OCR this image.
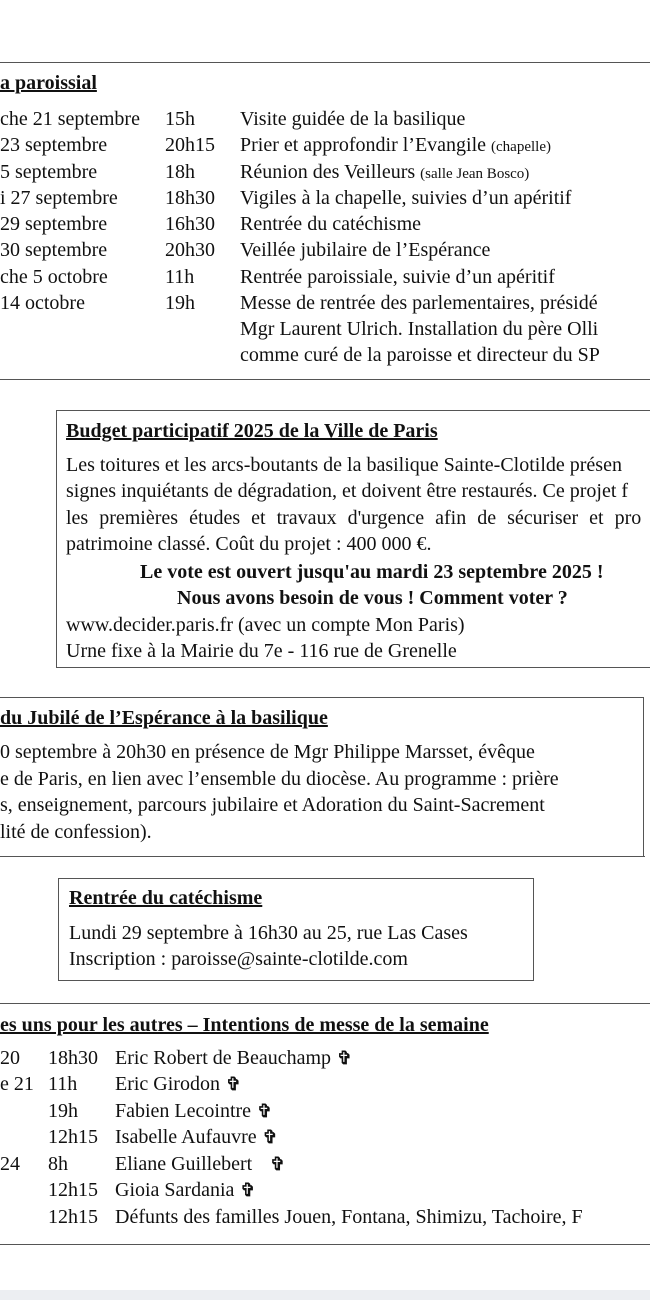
a paroissial
che 21 septembre 15h Visite guidée de la basilique
23 septembre	20h15 Prier et approfondir l’Evangile (chapelle)
5 septembre	18h Réunion des Veilleurs (salle Jean Bosco)
i 27 septembre 18h30 Vigiles à la chapelle, suivies d’un apéritif
29 septembre	16h30 Rentrée du catéchisme
30 septembre	20h30 Veillée jubilaire de l’Espérance
che 5 octobre	11h Rentrée paroissiale, suivie d’un apéritif
14 octobre	19h Messe de rentrée des parlementaires, présidé
Mgr Laurent Ulrich. Installation du père Olli
comme curé de la paroisse et directeur du SP
Budget participatif 2025 de la Ville de Paris
Les toitures et les arcs-boutants de la basilique Sainte-Clotilde présen
signes inquiétants de dégradation, et doivent être restaurés. Ce projet f
les premières études et travaux d'urgence afin de sécuriser et pro
patrimoine classé. Coût du projet : 400 000 €.
Le vote est ouvert jusqu'au mardi 23 septembre 2025 !
Nous avons besoin de vous ! Comment voter ?
www.decider.paris.fr (avec un compte Mon Paris)
Urne fixe à la Mairie du 7e - 116 rue de Grenelle
du Jubilé de l’Espérance à la basilique
0 septembre à 20h30 en présence de Mgr Philippe Marsset, évêque
e de Paris, en lien avec l’ensemble du diocèse. Au programme : prière
s, enseignement, parcours jubilaire et Adoration du Saint-Sacrement
lité de confession).
Rentrée du catéchisme
Lundi 29 septembre à 16h30 au 25, rue Las Cases
Inscription : paroisse@sainte-clotilde.com
es uns pour les autres – Intentions de messe de la semaine
20 18h30 Eric Robert de Beauchamp ✞
e 21 11h Eric Girodon ✞
19h Fabien Lecointre ✞
12h15 Isabelle Aufauvre ✞
24 8h Eliane Guillebert ✞
12h15 Gioia Sardania ✞
12h15 Défunts des familles Jouen, Fontana, Shimizu, Tachoire, F
